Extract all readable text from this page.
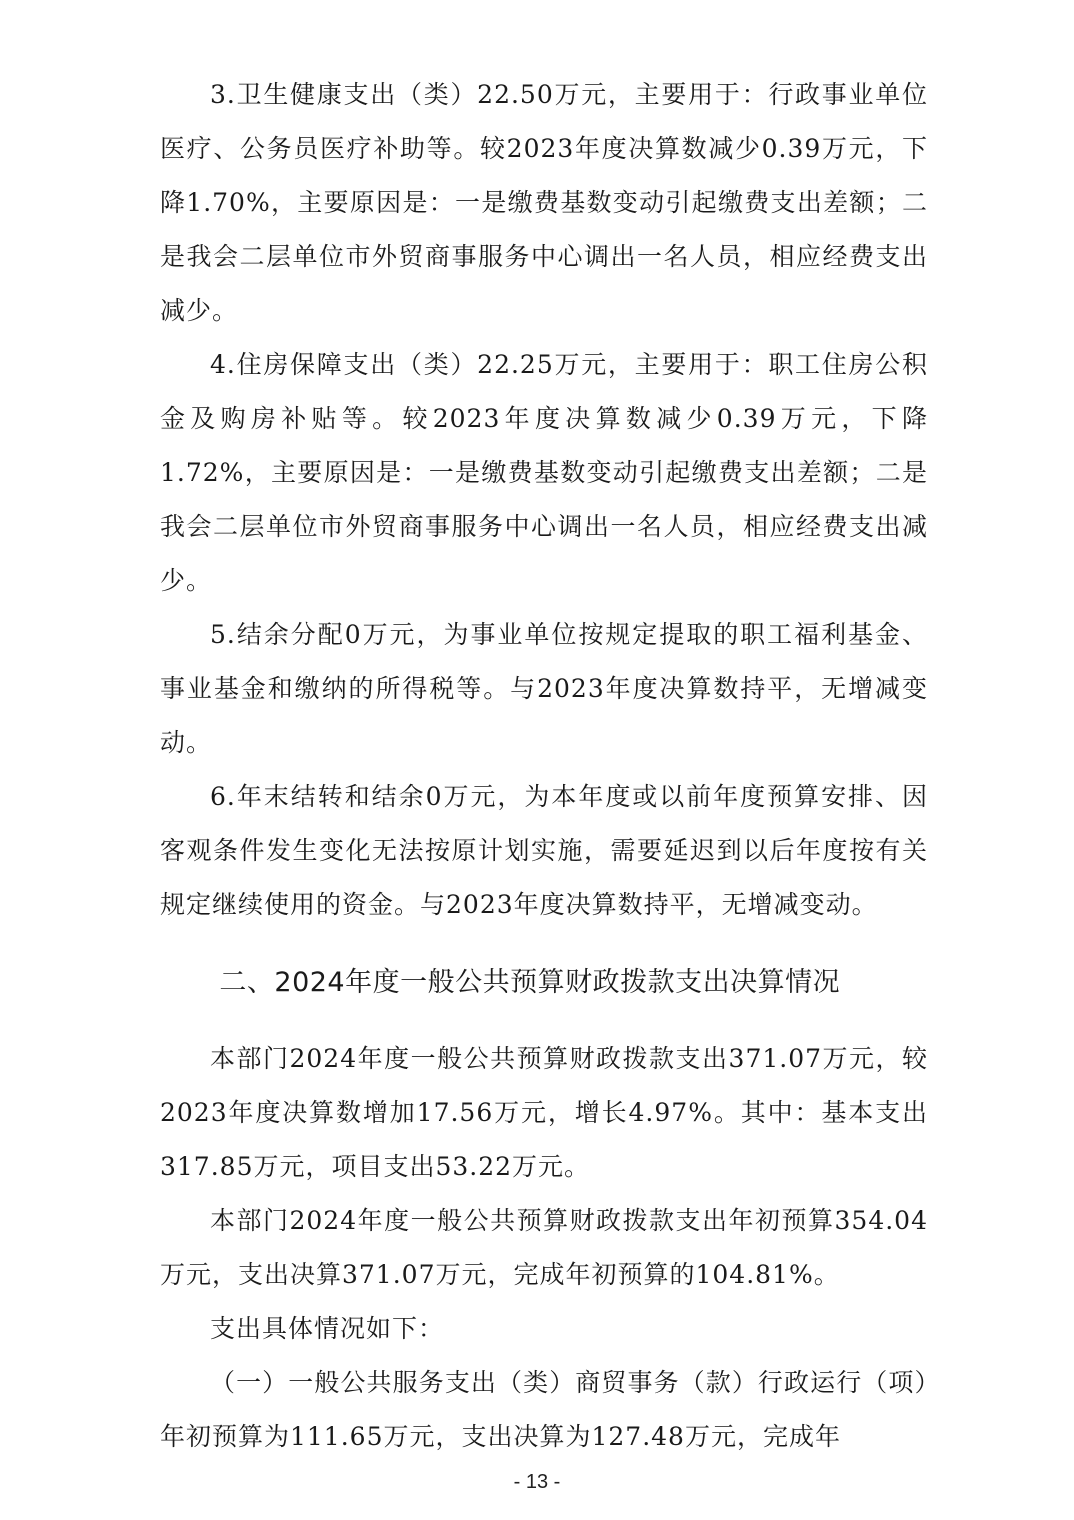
3.卫生健康支出（类）22.50万元，主要用于：行政事业单位医疗、公务员医疗补助等。较2023年度决算数减少0.39万元，下降1.70%，主要原因是：一是缴费基数变动引起缴费支出差额；二是我会二层单位市外贸商事服务中心调出一名人员，相应经费支出减少。

4.住房保障支出（类）22.25万元，主要用于：职工住房公积金及购房补贴等。较2023年度决算数减少0.39万元，下降1.72%，主要原因是：一是缴费基数变动引起缴费支出差额；二是我会二层单位市外贸商事服务中心调出一名人员，相应经费支出减少。

5.结余分配0万元，为事业单位按规定提取的职工福利基金、事业基金和缴纳的所得税等。与2023年度决算数持平，无增减变动。

6.年末结转和结余0万元，为本年度或以前年度预算安排、因客观条件发生变化无法按原计划实施，需要延迟到以后年度按有关规定继续使用的资金。与2023年度决算数持平，无增减变动。

二、2024年度一般公共预算财政拨款支出决算情况

本部门2024年度一般公共预算财政拨款支出371.07万元，较2023年度决算数增加17.56万元，增长4.97%。其中：基本支出317.85万元，项目支出53.22万元。

本部门2024年度一般公共预算财政拨款支出年初预算354.04万元，支出决算371.07万元，完成年初预算的104.81%。

支出具体情况如下：

（一）一般公共服务支出（类）商贸事务（款）行政运行（项）年初预算为111.65万元，支出决算为127.48万元，完成年

- 13 -
